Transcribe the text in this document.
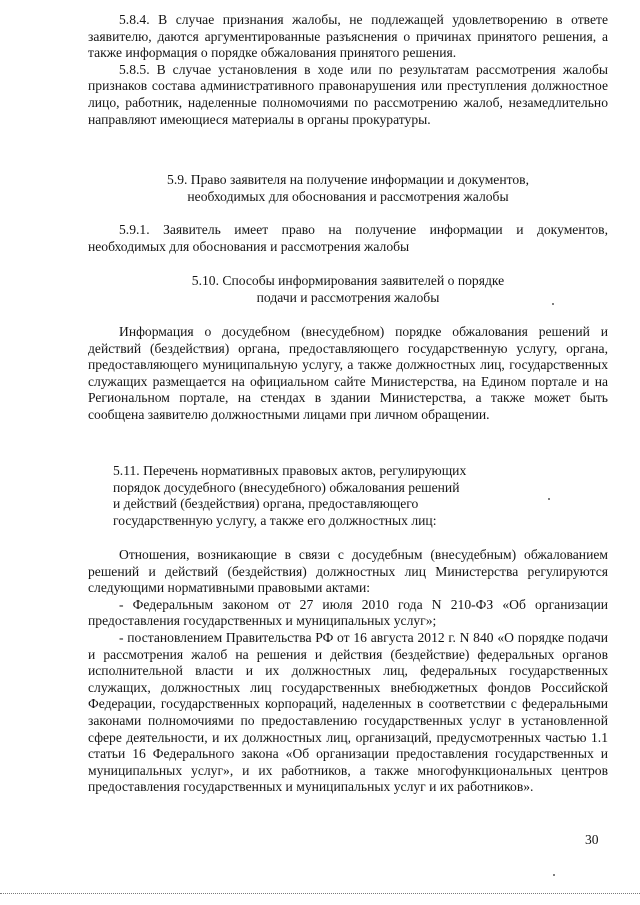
5.8.4. В случае признания жалобы, не подлежащей удовлетворению в ответе заявителю, даются аргументированные разъяснения о причинах принятого решения, а также информация о порядке обжалования принятого решения.

5.8.5. В случае установления в ходе или по результатам рассмотрения жалобы признаков состава административного правонарушения или преступления должностное лицо, работник, наделенные полномочиями по рассмотрению жалоб, незамедлительно направляют имеющиеся материалы в органы прокуратуры.

5.9. Право заявителя на получение информации и документов,
необходимых для обоснования и рассмотрения жалобы

5.9.1. Заявитель имеет право на получение информации и документов, необходимых для обоснования и рассмотрения жалобы

5.10. Способы информирования заявителей о порядке
подачи и рассмотрения жалобы

Информация о досудебном (внесудебном) порядке обжалования решений и действий (бездействия) органа, предоставляющего государственную услугу, органа, предоставляющего муниципальную услугу, а также должностных лиц, государственных служащих размещается на официальном сайте Министерства, на Едином портале и на Региональном портале, на стендах в здании Министерства, а также может быть сообщена заявителю должностными лицами при личном обращении.

5.11. Перечень нормативных правовых актов, регулирующих
порядок досудебного (внесудебного) обжалования решений
и действий (бездействия) органа, предоставляющего
государственную услугу, а также его должностных лиц:

Отношения, возникающие в связи с досудебным (внесудебным) обжалованием решений и действий (бездействия) должностных лиц Министерства регулируются следующими нормативными правовыми актами:

- Федеральным законом от 27 июля 2010 года N 210-ФЗ «Об организации предоставления государственных и муниципальных услуг»;

- постановлением Правительства РФ от 16 августа 2012 г. N 840 «О порядке подачи и рассмотрения жалоб на решения и действия (бездействие) федеральных органов исполнительной власти и их должностных лиц, федеральных государственных служащих, должностных лиц государственных внебюджетных фондов Российской Федерации, государственных корпораций, наделенных в соответствии с федеральными законами полномочиями по предоставлению государственных услуг в установленной сфере деятельности, и их должностных лиц, организаций, предусмотренных частью 1.1 статьи 16 Федерального закона «Об организации предоставления государственных и муниципальных услуг», и их работников, а также многофункциональных центров предоставления государственных и муниципальных услуг и их работников».

30
